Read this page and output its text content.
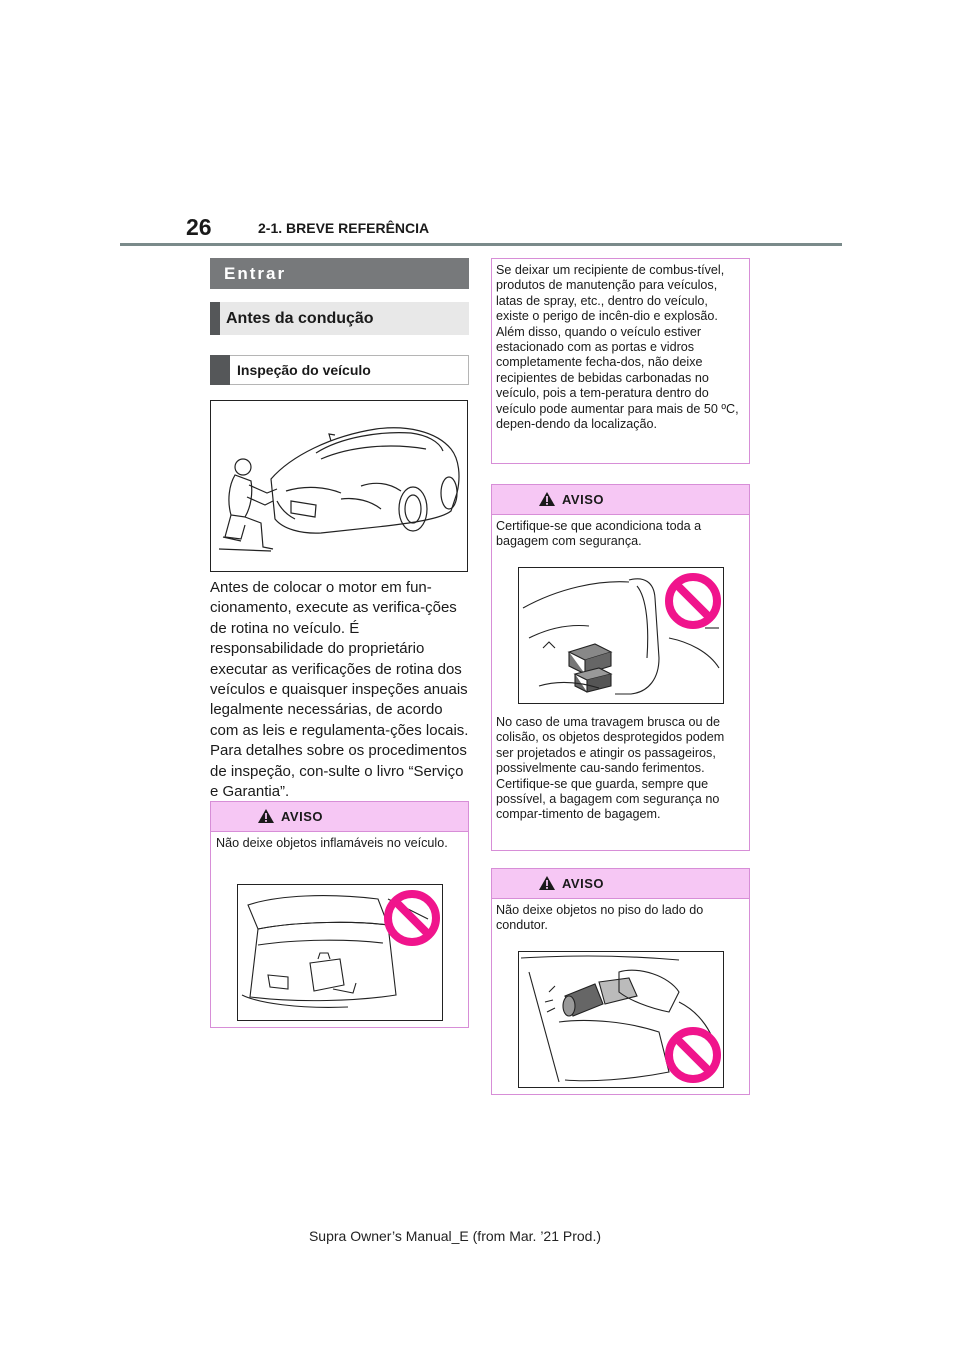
26	2-1. BREVE REFERÊNCIA
Entrar
Antes da condução
Inspeção do veículo
Antes de colocar o motor em fun-cionamento, execute as verifica-ções de rotina no veículo. É responsabilidade do proprietário executar as verificações de rotina dos veículos e quaisquer inspeções anuais legalmente necessárias, de acordo com as leis e regulamenta-ções locais. Para detalhes sobre os procedimentos de inspeção, con-sulte o livro “Serviço e Garantia”.
AVISO
Não deixe objetos inflamáveis no veículo.
Se deixar um recipiente de combus-tível, produtos de manutenção para veículos, latas de spray, etc., dentro do veículo, existe o perigo de incên-dio e explosão. Além disso, quando o veículo estiver estacionado com as portas e vidros completamente fecha-dos, não deixe recipientes de bebidas carbonadas no veículo, pois a tem-peratura dentro do veículo pode aumentar para mais de 50 ºC, depen-dendo da localização.
AVISO
Certifique-se que acondiciona toda a bagagem com segurança.
No caso de uma travagem brusca ou de colisão, os objetos desprotegidos podem ser projetados e atingir os passageiros, possivelmente cau-sando ferimentos. Certifique-se que guarda, sempre que possível, a bagagem com segurança no compar-timento de bagagem.
AVISO
Não deixe objetos no piso do lado do condutor.
Supra Owner’s Manual_E (from Mar. ’21 Prod.)
